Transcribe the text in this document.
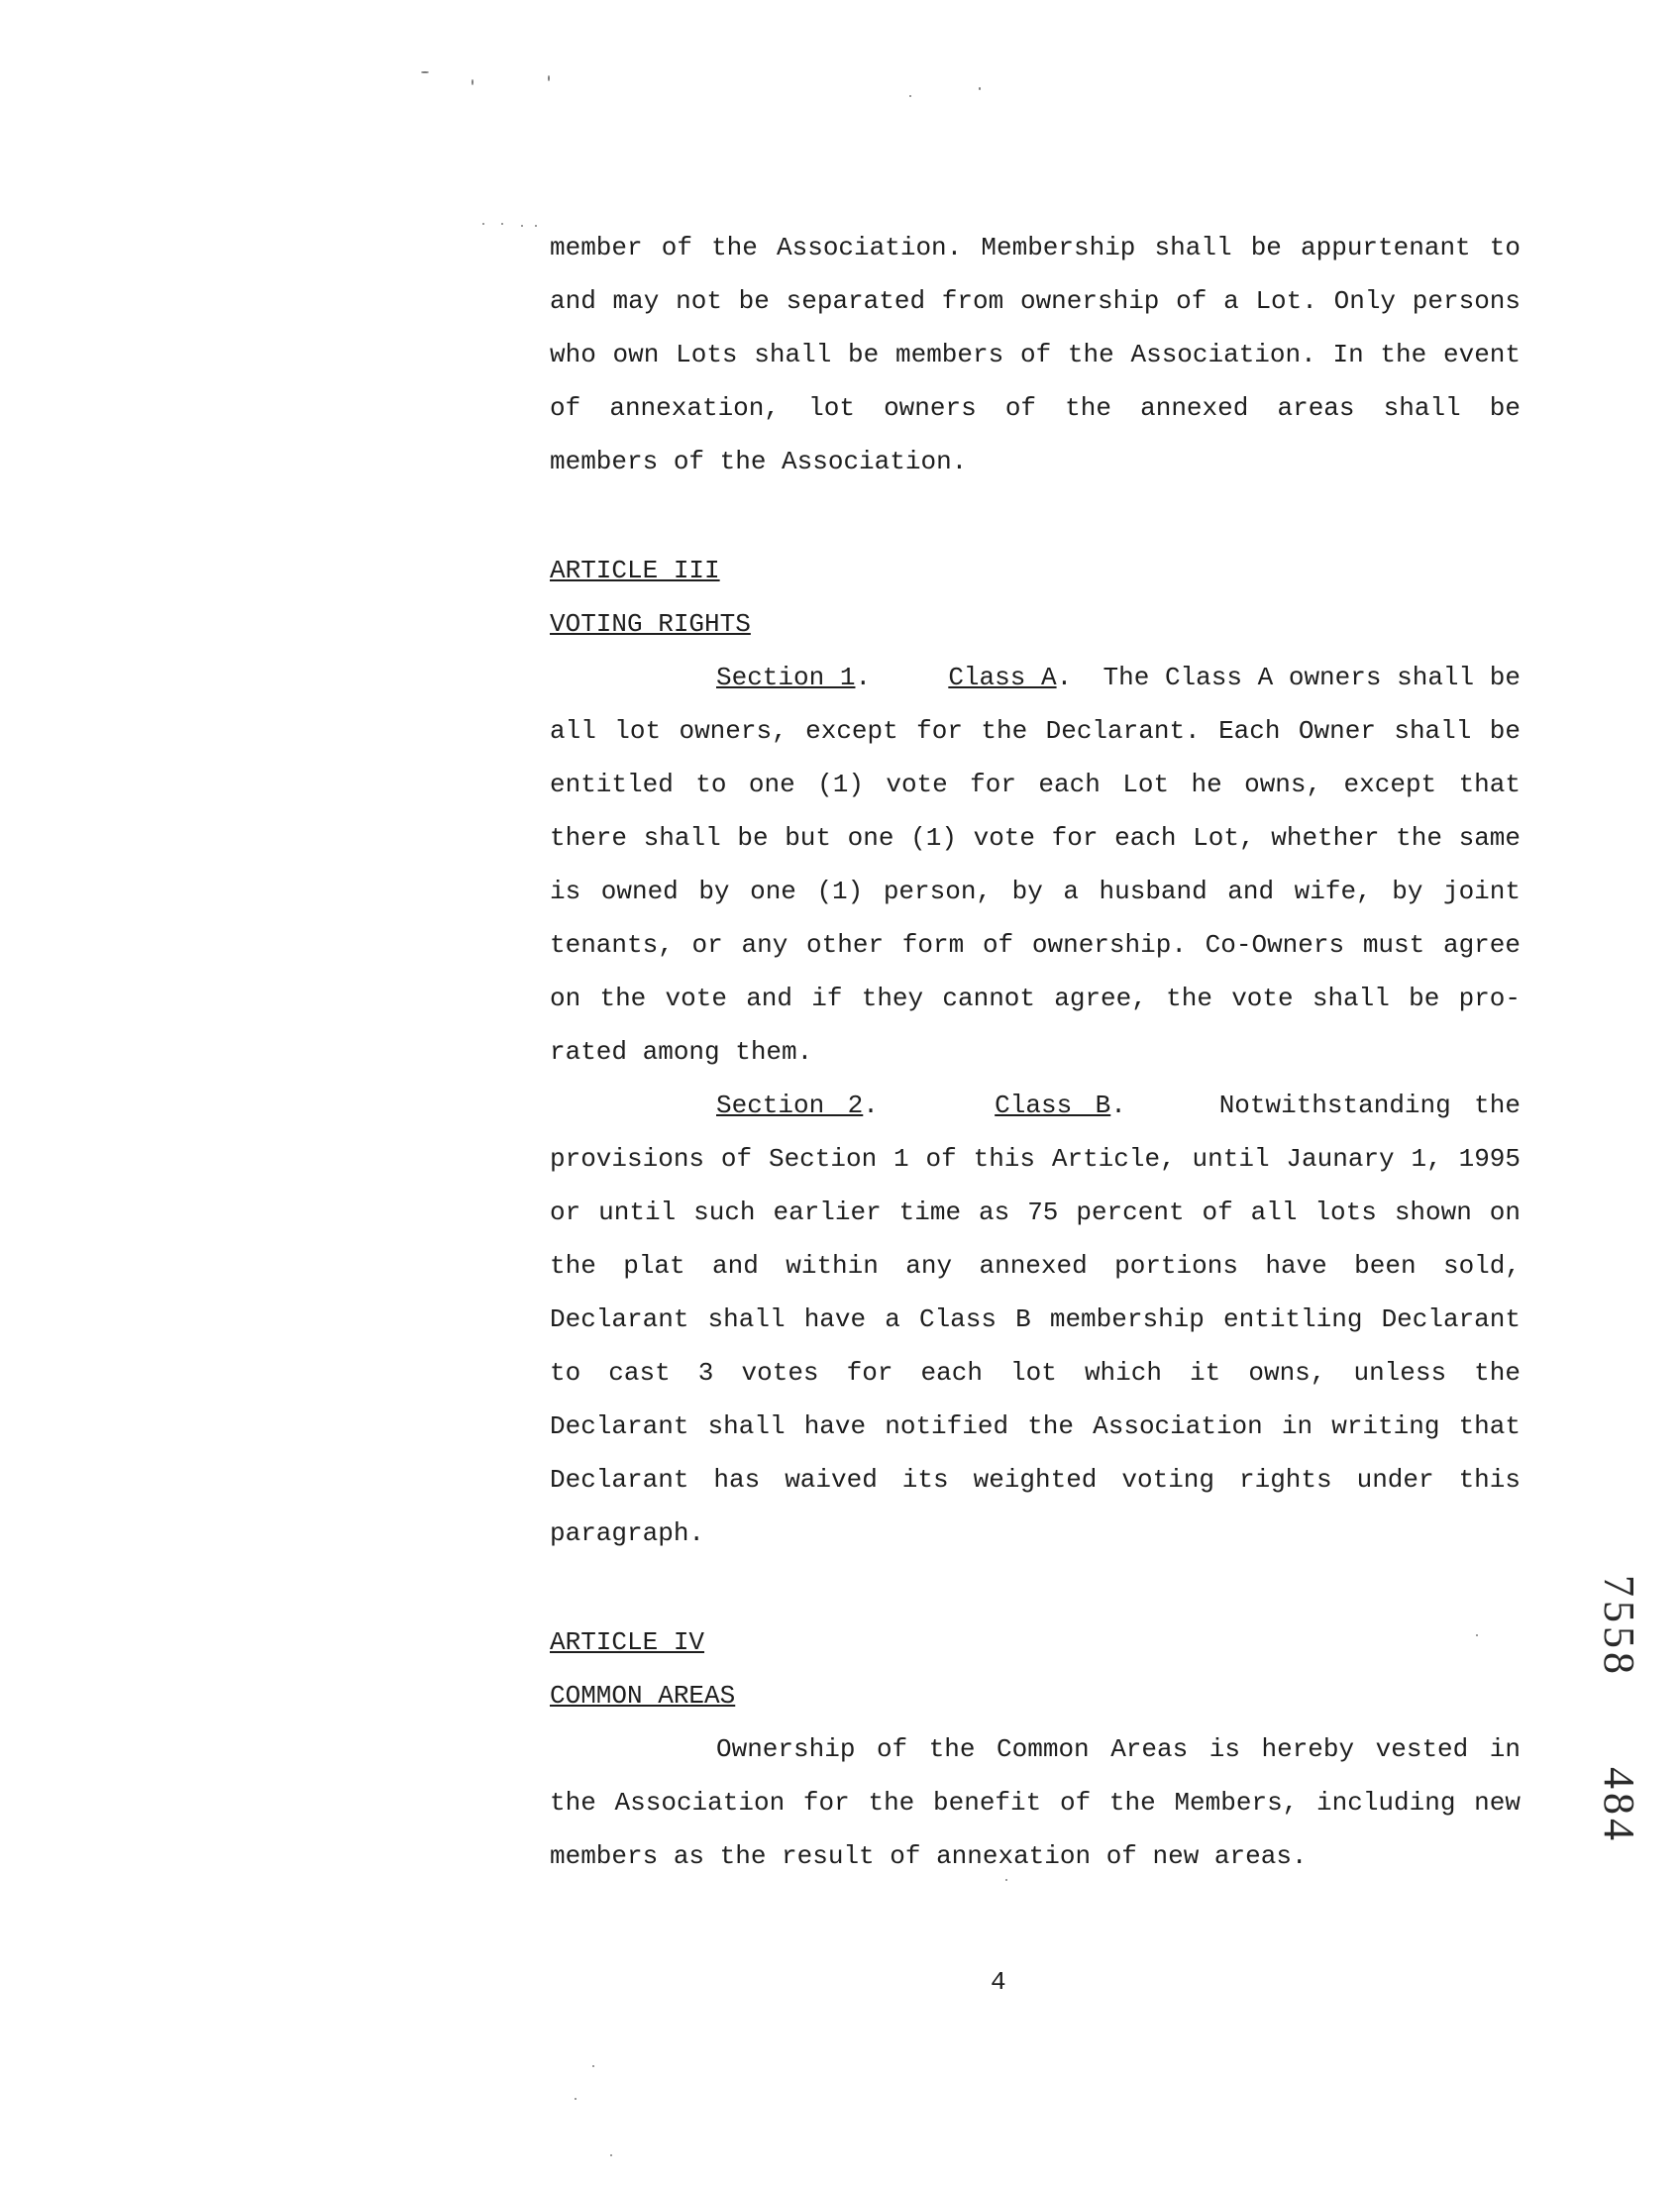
member of the Association. Membership shall be appurtenant to and may not be separated from ownership of a Lot. Only persons who own Lots shall be members of the Association. In the event of annexation, lot owners of the annexed areas shall be members of the Association.

ARTICLE III

VOTING RIGHTS

Section 1.     Class A.  The Class A owners shall be all lot owners, except for the Declarant. Each Owner shall be entitled to one (1) vote for each Lot he owns, except that there shall be but one (1) vote for each Lot, whether the same is owned by one (1) person, by a husband and wife, by joint tenants, or any other form of ownership. Co-Owners must agree on the vote and if they cannot agree, the vote shall be pro-rated among them.

Section 2.     Class B.    Notwithstanding the provisions of Section 1 of this Article, until Jaunary 1, 1995 or until such earlier time as 75 percent of all lots shown on the plat and within any annexed portions have been sold, Declarant shall have a Class B membership entitling Declarant to cast 3 votes for each lot which it owns, unless the Declarant shall have notified the Association in writing that Declarant has waived its weighted voting rights under this paragraph.

ARTICLE IV

COMMON AREAS

Ownership of the Common Areas is hereby vested in the Association for the benefit of the Members, including new members as the result of annexation of new areas.

4
7558484
